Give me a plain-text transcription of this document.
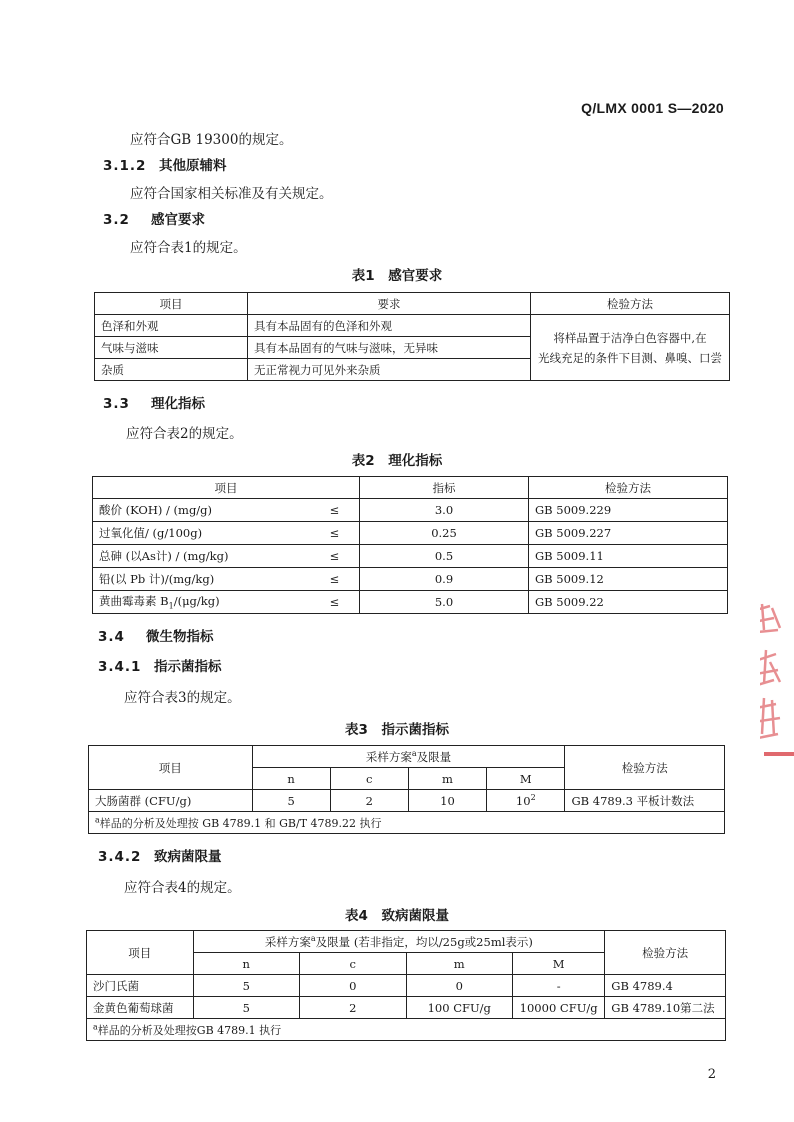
Q/LMX 0001 S—2020
应符合GB 19300的规定。
3.1.2 其他原辅料
应符合国家相关标准及有关规定。
3.2 感官要求
应符合表1的规定。
表1　感官要求
项目	要求	检验方法
色泽和外观	具有本品固有的色泽和外观	将样品置于洁净白色容器中,在
光线充足的条件下目测、鼻嗅、口尝

气味与滋味	具有本品固有的气味与滋味，无异味	
杂质	无正常视力可见外来杂质	
3.3 理化指标
应符合表2的规定。
表2　理化指标
项目		指标	检验方法
酸价 (KOH) / (mg/g)	≤	3.0	GB 5009.229
过氧化值/ (g/100g)	≤	0.25	GB 5009.227
总砷 (以As计) / (mg/kg)	≤	0.5	GB 5009.11
铅(以 Pb 计)/(mg/kg)	≤	0.9	GB 5009.12
黄曲霉毒素 $B_1/(\mu g/kg)$	≤	5.0	GB 5009.22
3.4 微生物指标
3.4.1 指示菌指标
应符合表3的规定。
表3　指示菌指标
项目	采样方案$^a$及限量				检验方法
	n	c	m	M	
大肠菌群 (CFU/g)	5	2	10	$10^2$	GB 4789.3 平板计数法
$^a$样品的分析及处理按 GB 4789.1 和 GB/T 4789.22 执行					
3.4.2 致病菌限量
应符合表4的规定。
表4　致病菌限量
项目	采样方案$^a$及限量 (若非指定，均以/25g或25ml表示)				检验方法
	n	c	m	M	
沙门氏菌	5	0	0	-	GB 4789.4
金黄色葡萄球菌	5	2	100 CFU/g	10000 CFU/g	GB 4789.10第二法
$^a$样品的分析及处理按GB 4789.1 执行					
2
